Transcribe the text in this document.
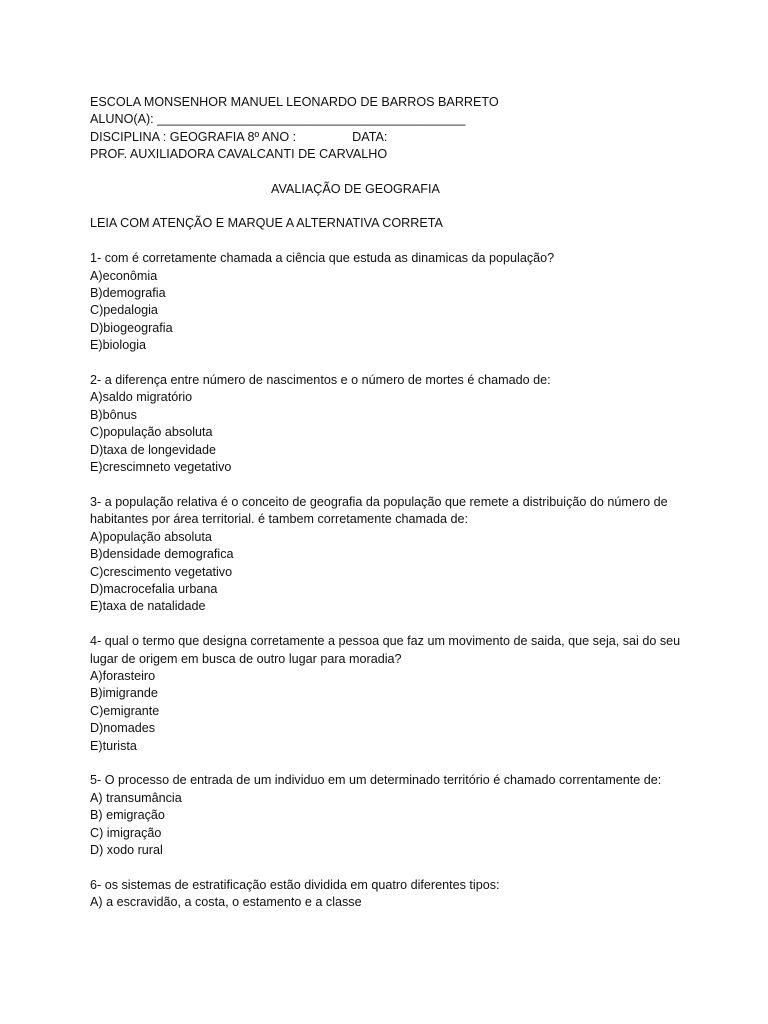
ESCOLA MONSENHOR MANUEL LEONARDO DE BARROS BARRETO
ALUNO(A): ____________________________________________
DISCIPLINA : GEOGRAFIA 8º ANO :                DATA:
PROF. AUXILIADORA CAVALCANTI DE CARVALHO
AVALIAÇÃO DE GEOGRAFIA
LEIA COM ATENÇÃO E MARQUE A ALTERNATIVA CORRETA
1- com é corretamente chamada a ciência que estuda as dinamicas da população?
A)econômia
B)demografia
C)pedalogia
D)biogeografia
E)biologia
2- a diferença entre número de nascimentos e o número de mortes é chamado de:
A)saldo migratório
B)bônus
C)população absoluta
D)taxa de longevidade
E)crescimneto vegetativo
3- a população relativa é o conceito de geografia da população que remete a distribuição do número de habitantes por área territorial. é tambem corretamente chamada de:
A)população absoluta
B)densidade demografica
C)crescimento vegetativo
D)macrocefalia urbana
E)taxa de natalidade
4- qual o termo que designa corretamente a pessoa que faz um movimento de saida, que seja, sai do seu lugar de origem em busca de outro lugar para moradia?
A)forasteiro
B)imigrande
C)emigrante
D)nomades
E)turista
5- O processo de entrada de um individuo em um determinado território é chamado correntamente de:
A) transumância
B) emigração
C) imigração
D) xodo rural
6- os sistemas de estratificação estão dividida em quatro diferentes tipos:
A) a escravidão, a costa, o estamento e a classe
